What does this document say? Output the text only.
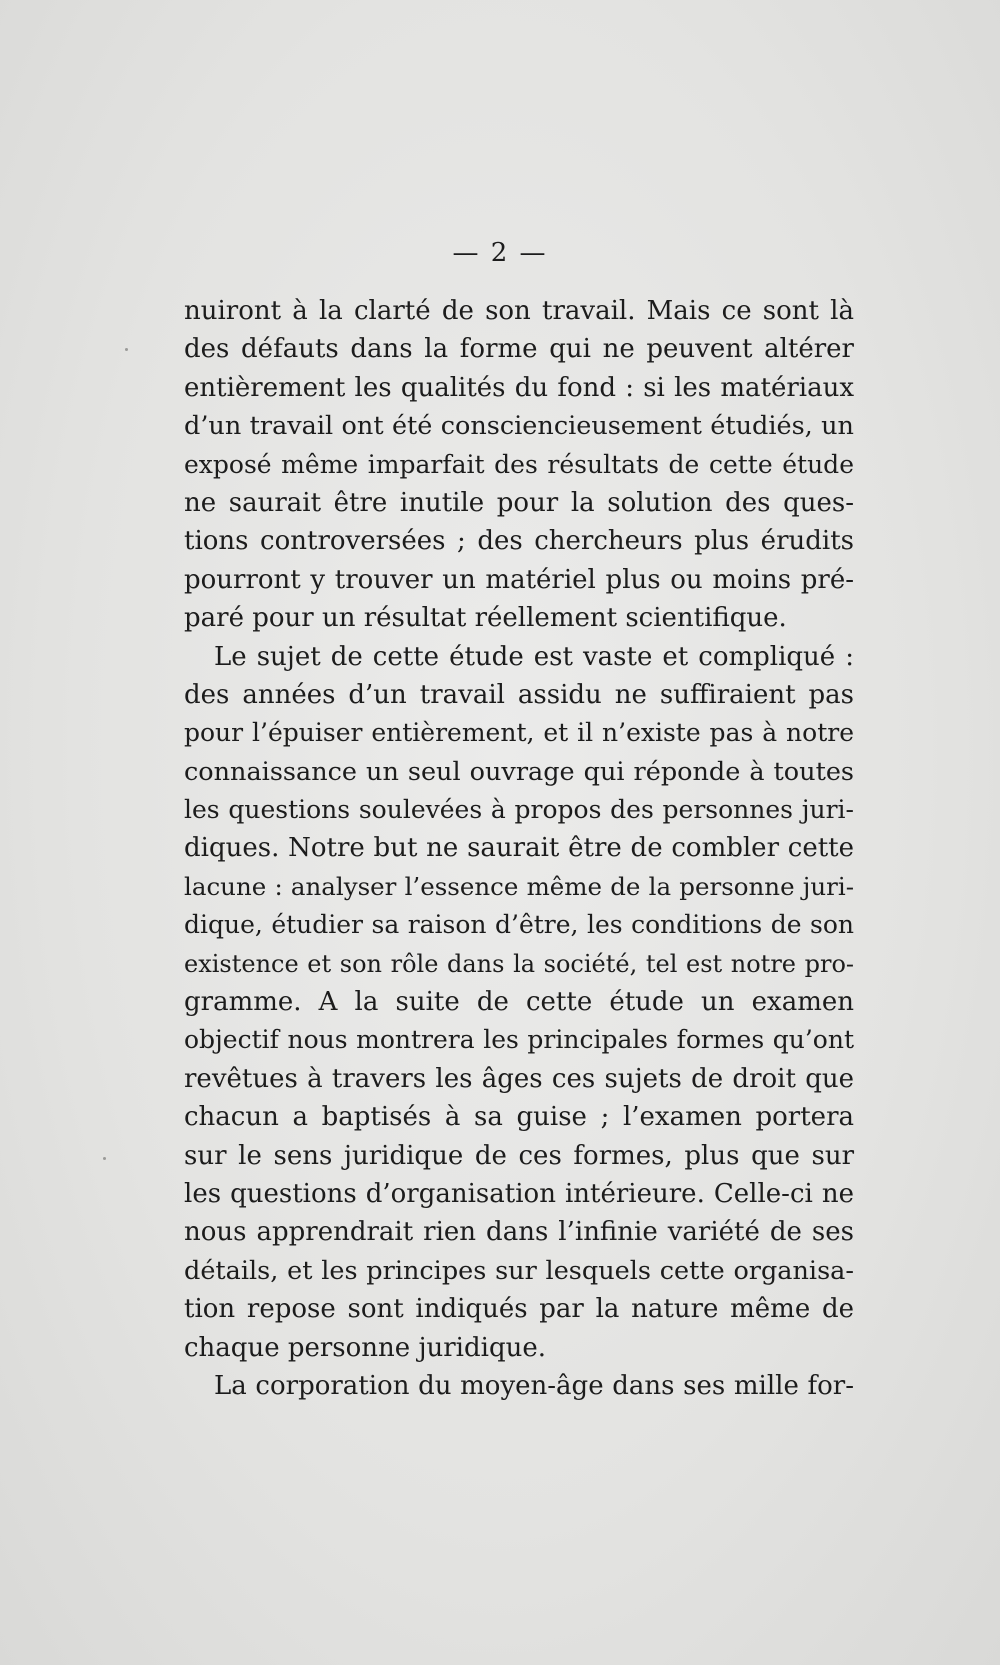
— 2 —
nuiront à la clarté de son travail. Mais ce sont là
des défauts dans la forme qui ne peuvent altérer
entièrement les qualités du fond : si les matériaux
d’un travail ont été consciencieusement étudiés, un
exposé même imparfait des résultats de cette étude
ne saurait être inutile pour la solution des ques-
tions controversées ; des chercheurs plus érudits
pourront y trouver un matériel plus ou moins pré-
paré pour un résultat réellement scientifique.
Le sujet de cette étude est vaste et compliqué :
des années d’un travail assidu ne suffiraient pas
pour l’épuiser entièrement, et il n’existe pas à notre
connaissance un seul ouvrage qui réponde à toutes
les questions soulevées à propos des personnes juri-
diques. Notre but ne saurait être de combler cette
lacune : analyser l’essence même de la personne juri-
dique, étudier sa raison d’être, les conditions de son
existence et son rôle dans la société, tel est notre pro-
gramme. A la suite de cette étude un examen
objectif nous montrera les principales formes qu’ont
revêtues à travers les âges ces sujets de droit que
chacun a baptisés à sa guise ; l’examen portera
sur le sens juridique de ces formes, plus que sur
les questions d’organisation intérieure. Celle-ci ne
nous apprendrait rien dans l’infinie variété de ses
détails, et les principes sur lesquels cette organisa-
tion repose sont indiqués par la nature même de
chaque personne juridique.
La corporation du moyen-âge dans ses mille for-
